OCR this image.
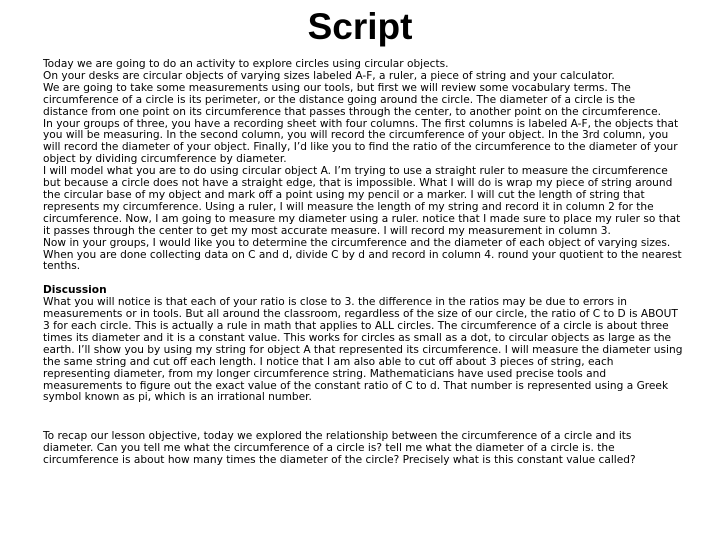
Script

Today we are going to do an activity to explore circles using circular objects.

On your desks are circular objects of varying sizes labeled A-F, a ruler, a piece of string and your calculator.

We are going to take some measurements using our tools, but first we will review some vocabulary terms. The circumference of a circle is its perimeter, or the distance going around the circle. The diameter of a circle is the distance from one point on its circumference that passes through the center, to another point on the circumference.

In your groups of three, you have a recording sheet with four columns. The first columns is labeled A-F, the objects that you will be measuring. In the second column, you will record the circumference of your object. In the 3rd column, you will record the diameter of your object. Finally, I’d like you to find the ratio of the circumference to the diameter of your object by dividing circumference by diameter.

I will model what you are to do using circular object A. I’m trying to use a straight ruler to measure the circumference but because a circle does not have a straight edge, that is impossible. What I will do is wrap my piece of string around the circular base of my object and mark off a point using my pencil or a marker. I will cut the length of string that represents my circumference. Using a ruler, I will measure the length of my string and record it in column 2 for the circumference. Now, I am going to measure my diameter using a ruler. notice that I made sure to place my ruler so that it passes through the center to get my most accurate measure. I will record my measurement in column 3.

Now in your groups, I would like you to determine the circumference and the diameter of each object of varying sizes. When you are done collecting data on C and d, divide C by d and record in column 4. round your quotient to the nearest tenths.

Discussion

What you will notice is that each of your ratio is close to 3. the difference in the ratios may be due to errors in measurements or in tools. But all around the classroom, regardless of the size of our circle, the ratio of C to D is ABOUT 3 for each circle. This is actually a rule in math that applies to ALL circles. The circumference of a circle is about three times its diameter and it is a constant value. This works for circles as small as a dot, to circular objects as large as the earth. I’ll show you by using my string for object A that represented its circumference. I will measure the diameter using the same string and cut off each length. I notice that I am also able to cut off about 3 pieces of string, each representing diameter, from my longer circumference string. Mathematicians have used precise tools and measurements to figure out the exact value of the constant ratio of C to d. That number is represented using a Greek symbol known as pi, which is an irrational number.

To recap our lesson objective, today we explored the relationship between the circumference of a circle and its diameter. Can you tell me what the circumference of a circle is? tell me what the diameter of a circle is. the circumference is about how many times the diameter of the circle? Precisely what is this constant value called?
